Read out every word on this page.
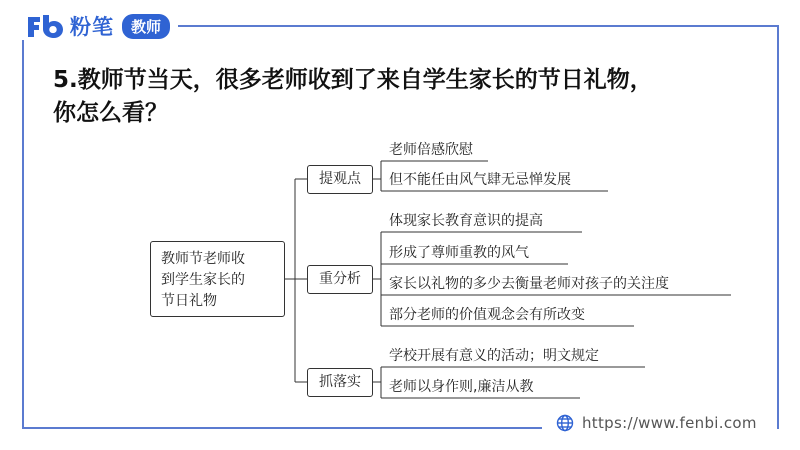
粉笔	教师
5.教师节当天，很多老师收到了来自学生家长的节日礼物，
你怎么看？
教师节老师收
到学生家长的
节日礼物
提观点
重分析
抓落实
老师倍感欣慰
但不能任由风气肆无忌惮发展
体现家长教育意识的提高
形成了尊师重教的风气
家长以礼物的多少去衡量老师对孩子的关注度
部分老师的价值观念会有所改变
学校开展有意义的活动；明文规定
老师以身作则,廉洁从教
https://www.fenbi.com
